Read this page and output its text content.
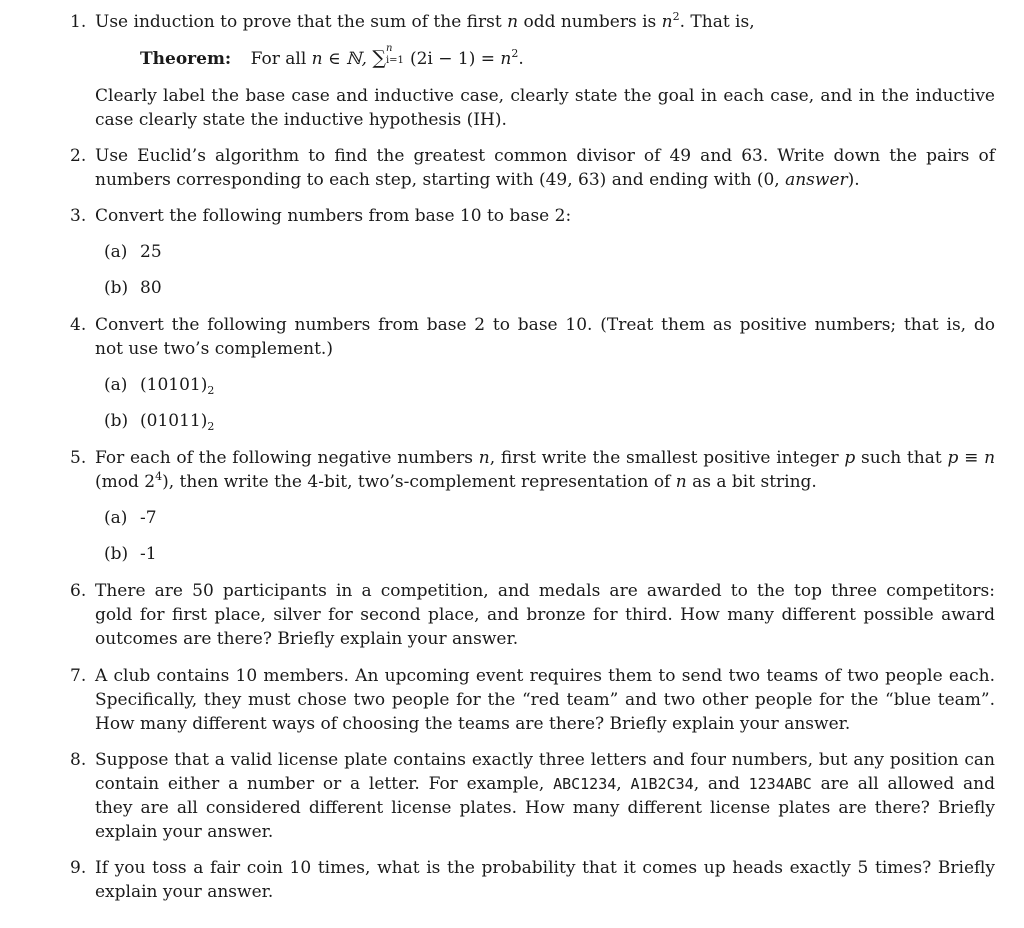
1. Use induction to prove that the sum of the first n odd numbers is $n^2$. That is,
Theorem: For all n ∈ ℕ, ∑ n
i=1 $(2i - 1) = n^2$.
Clearly label the base case and inductive case, clearly state the goal in each case, and in the inductive
case clearly state the inductive hypothesis (IH).
2. Use Euclid’s algorithm to find the greatest common divisor of 49 and 63. Write down the pairs of
numbers corresponding to each step, starting with (49, 63) and ending with (0, answer).
3. Convert the following numbers from base 10 to base 2:
(a) 25
(b) 80
4. Convert the following numbers from base 2 to base 10. (Treat them as positive numbers; that is, do
not use two’s complement.)
(a) $(10101)_2$
(b) $(01011)_2$
5. For each of the following negative numbers n, first write the smallest positive integer p such that p ≡ n
(mod $2^4$), then write the 4-bit, two’s-complement representation of n as a bit string.
(a) -7
(b) -1
6. There are 50 participants in a competition, and medals are awarded to the top three competitors:
gold for first place, silver for second place, and bronze for third. How many different possible award
outcomes are there? Briefly explain your answer.
7. A club contains 10 members. An upcoming event requires them to send two teams of two people each.
Specifically, they must chose two people for the “red team” and two other people for the “blue team”.
How many different ways of choosing the teams are there? Briefly explain your answer.
8. Suppose that a valid license plate contains exactly three letters and four numbers, but any position can
contain either a number or a letter. For example, ABC1234, A1B2C34, and 1234ABC are all allowed and
they are all considered different license plates. How many different license plates are there? Briefly
explain your answer.
9. If you toss a fair coin 10 times, what is the probability that it comes up heads exactly 5 times? Briefly
explain your answer.
